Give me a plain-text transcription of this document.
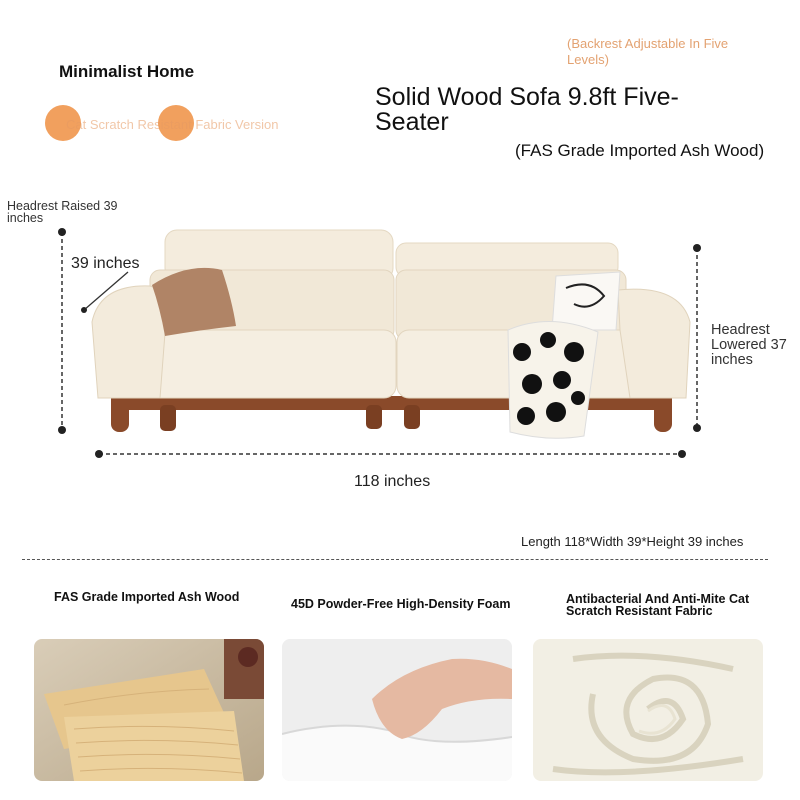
Minimalist Home
Cat Scratch Resistant Fabric Version
(Backrest Adjustable In Five Levels)
Solid Wood Sofa 9.8ft Five-Seater
(FAS Grade Imported Ash Wood)
Headrest Raised 39 inches
39 inches
Headrest Lowered 37 inches
118 inches
Length 118*Width 39*Height 39 inches
FAS Grade Imported Ash Wood	45D Powder-Free High-Density Foam	Antibacterial And Anti-Mite Cat Scratch Resistant Fabric
